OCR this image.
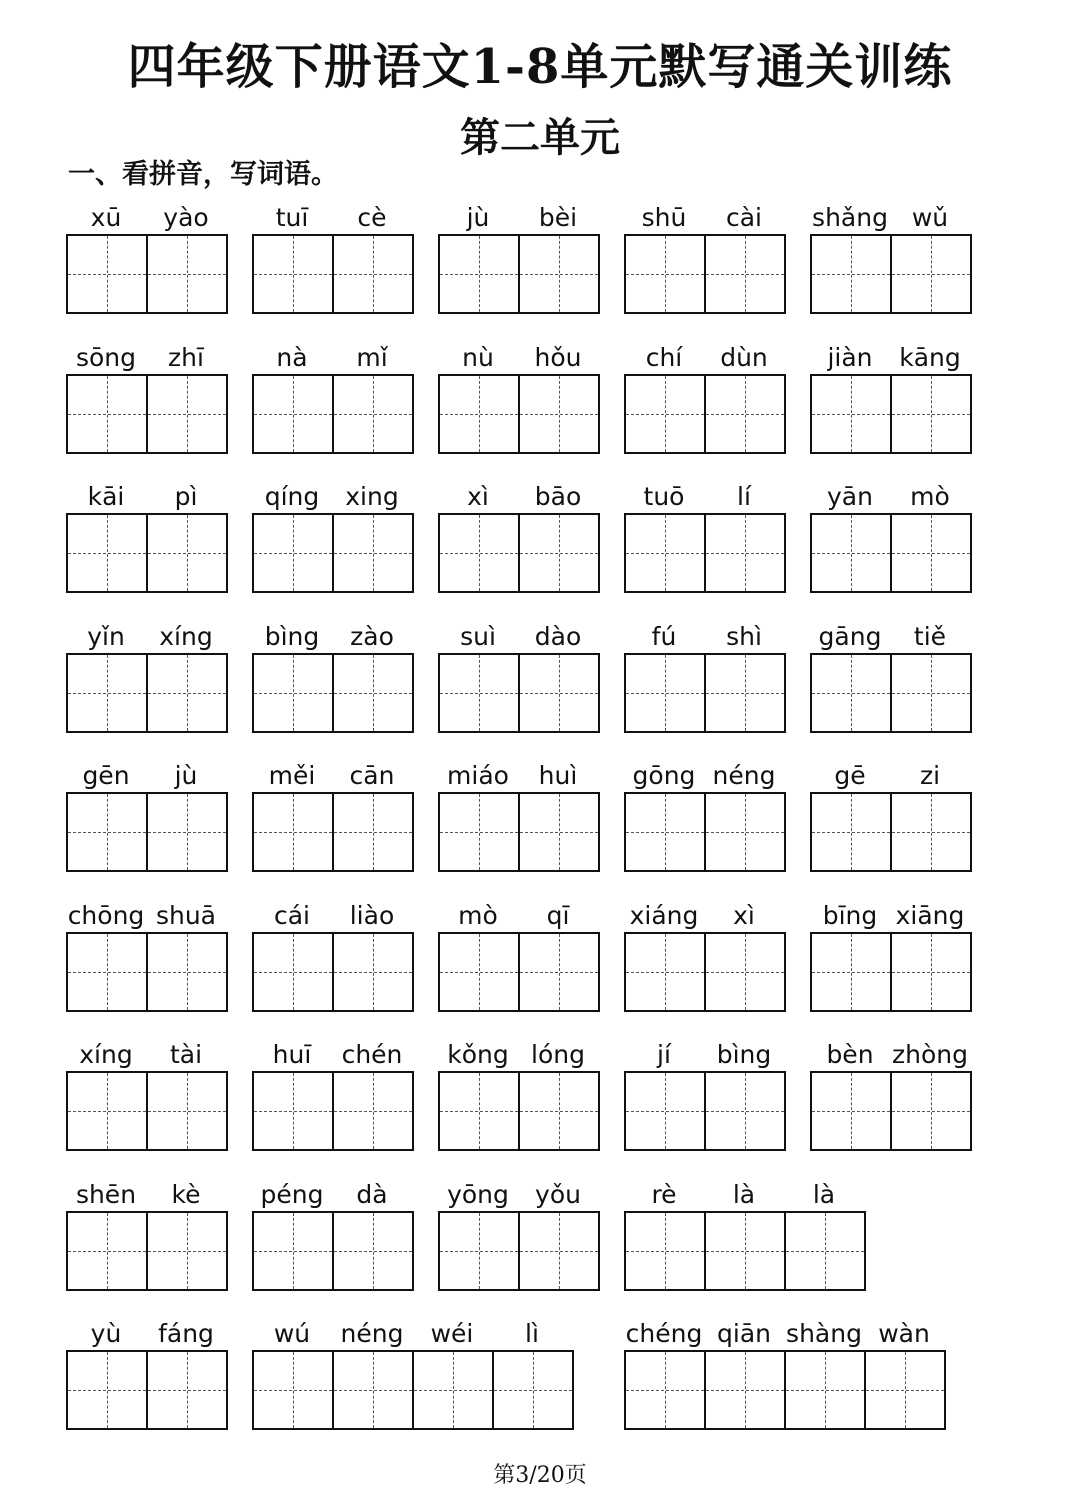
四年级下册语文1-8单元默写通关训练
第二单元
一、看拼音，写词语。
xū	yào	tuī	cè	jù	bèi	shū	cài	shǎng wǔ
sōng	zhī	nà	mǐ	nù	hǒu	chí	dùn	jiàn	kāng
kāi	pì	qíng	xing	xì	bāo	tuō	lí	yān	mò
yǐn	xíng	bìng	zào	suì	dào	fú	shì	gāng	tiě
gēn	jù	měi	cān	miáo	huì	gōng néng	gē	zi
chōng shuā	cái	liào	mò	qī	xiáng	xì	bīng xiāng
xíng	tài	huī	chén	kǒng lóng	jí	bìng	bèn zhòng
shēn	kè	péng	dà	yōng	yǒu	rè	là	là
yù	fáng	wú	néng	wéi	lì	chéng qiān shàng wàn
第3/20页
